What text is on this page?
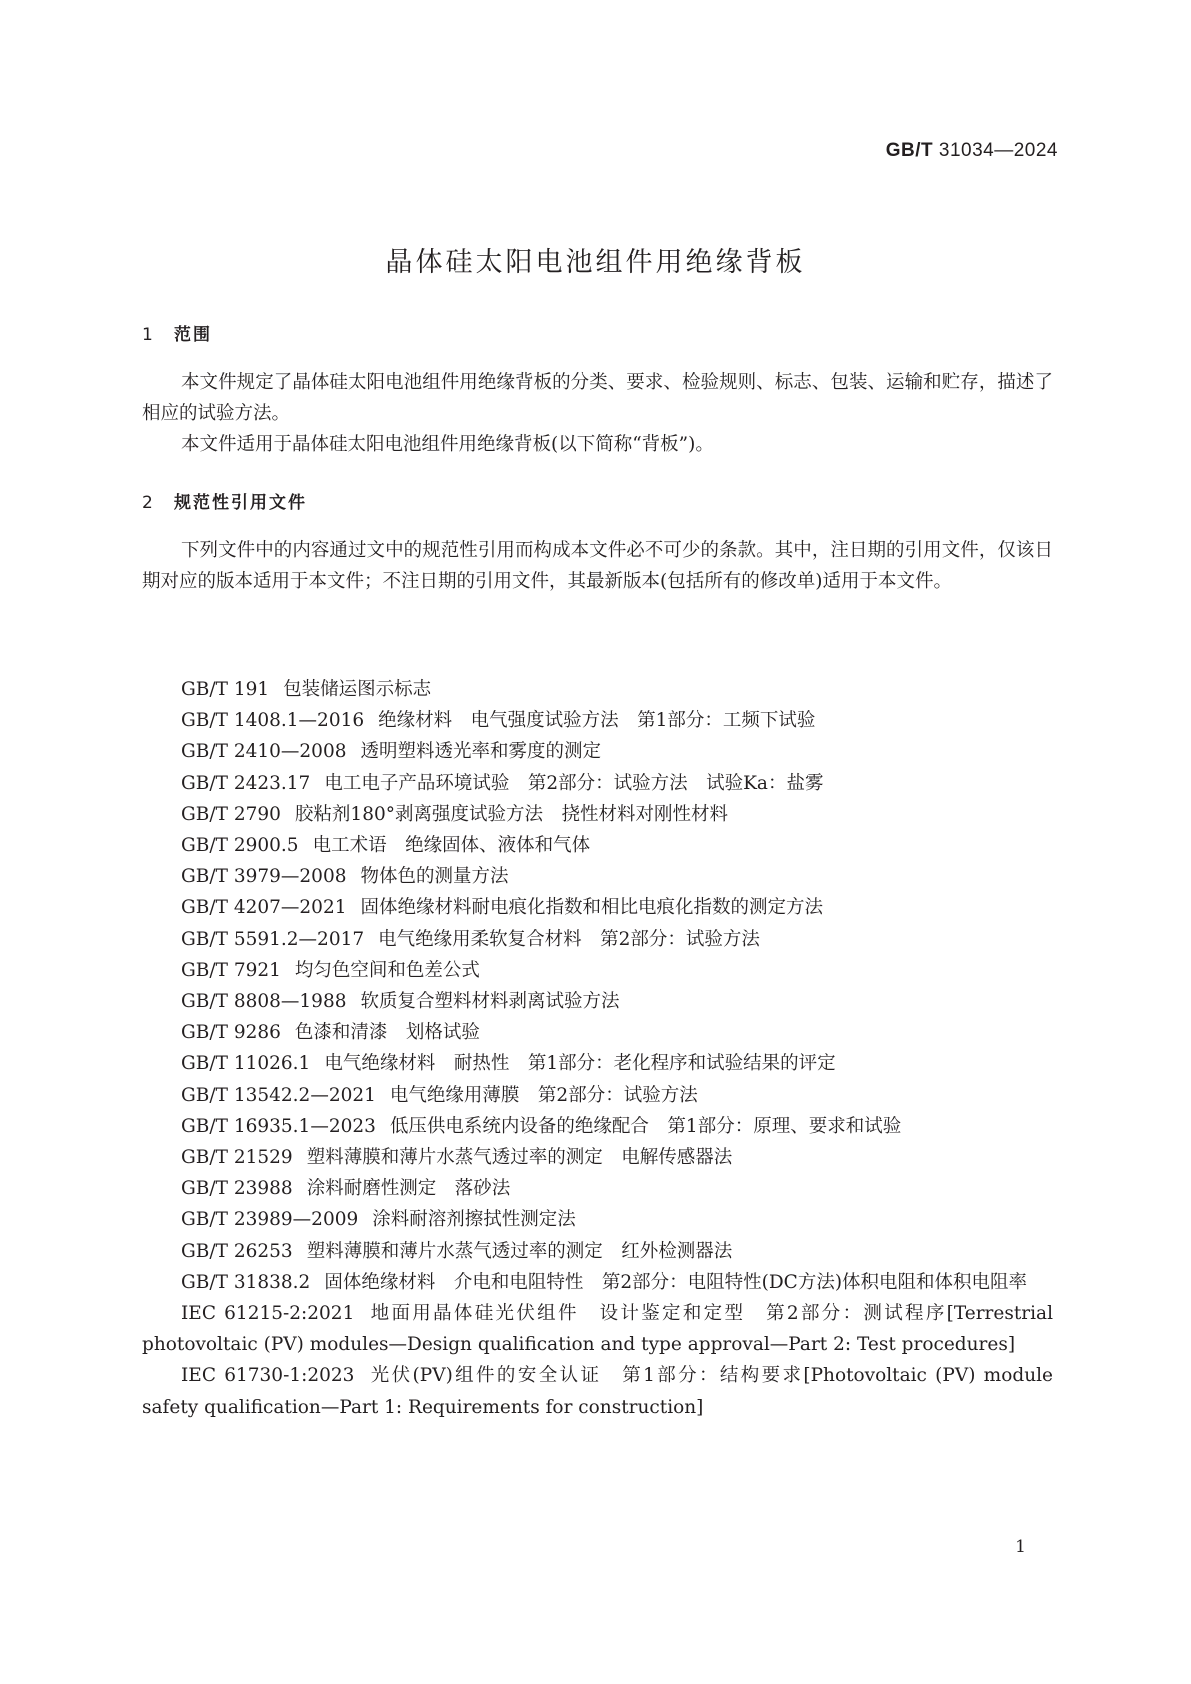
GB/T 31034—2024
晶体硅太阳电池组件用绝缘背板
1 范围

本文件规定了晶体硅太阳电池组件用绝缘背板的分类、要求、检验规则、标志、包装、运输和贮存，描述了相应的试验方法。

本文件适用于晶体硅太阳电池组件用绝缘背板(以下简称“背板”)。

2 规范性引用文件

下列文件中的内容通过文中的规范性引用而构成本文件必不可少的条款。其中，注日期的引用文件，仅该日期对应的版本适用于本文件；不注日期的引用文件，其最新版本(包括所有的修改单)适用于本文件。

GB/T 191 包装储运图示标志
GB/T 1408.1—2016 绝缘材料　电气强度试验方法　第1部分：工频下试验
GB/T 2410—2008 透明塑料透光率和雾度的测定
GB/T 2423.17 电工电子产品环境试验　第2部分：试验方法　试验Ka：盐雾
GB/T 2790 胶粘剂180°剥离强度试验方法　挠性材料对刚性材料
GB/T 2900.5 电工术语　绝缘固体、液体和气体
GB/T 3979—2008 物体色的测量方法
GB/T 4207—2021 固体绝缘材料耐电痕化指数和相比电痕化指数的测定方法
GB/T 5591.2—2017 电气绝缘用柔软复合材料　第2部分：试验方法
GB/T 7921 均匀色空间和色差公式
GB/T 8808—1988 软质复合塑料材料剥离试验方法
GB/T 9286 色漆和清漆　划格试验
GB/T 11026.1 电气绝缘材料　耐热性　第1部分：老化程序和试验结果的评定
GB/T 13542.2—2021 电气绝缘用薄膜　第2部分：试验方法
GB/T 16935.1—2023 低压供电系统内设备的绝缘配合　第1部分：原理、要求和试验
GB/T 21529 塑料薄膜和薄片水蒸气透过率的测定　电解传感器法
GB/T 23988 涂料耐磨性测定　落砂法
GB/T 23989—2009 涂料耐溶剂擦拭性测定法
GB/T 26253 塑料薄膜和薄片水蒸气透过率的测定　红外检测器法
GB/T 31838.2 固体绝缘材料　介电和电阻特性　第2部分：电阻特性(DC方法)体积电阻和体积电阻率
IEC 61215-2:2021 地面用晶体硅光伏组件　设计鉴定和定型　第2部分：测试程序[Terrestrial photovoltaic (PV) modules—Design qualification and type approval—Part 2: Test procedures]
IEC 61730-1:2023 光伏(PV)组件的安全认证　第1部分：结构要求[Photovoltaic (PV) module safety qualification—Part 1: Requirements for construction]
1
